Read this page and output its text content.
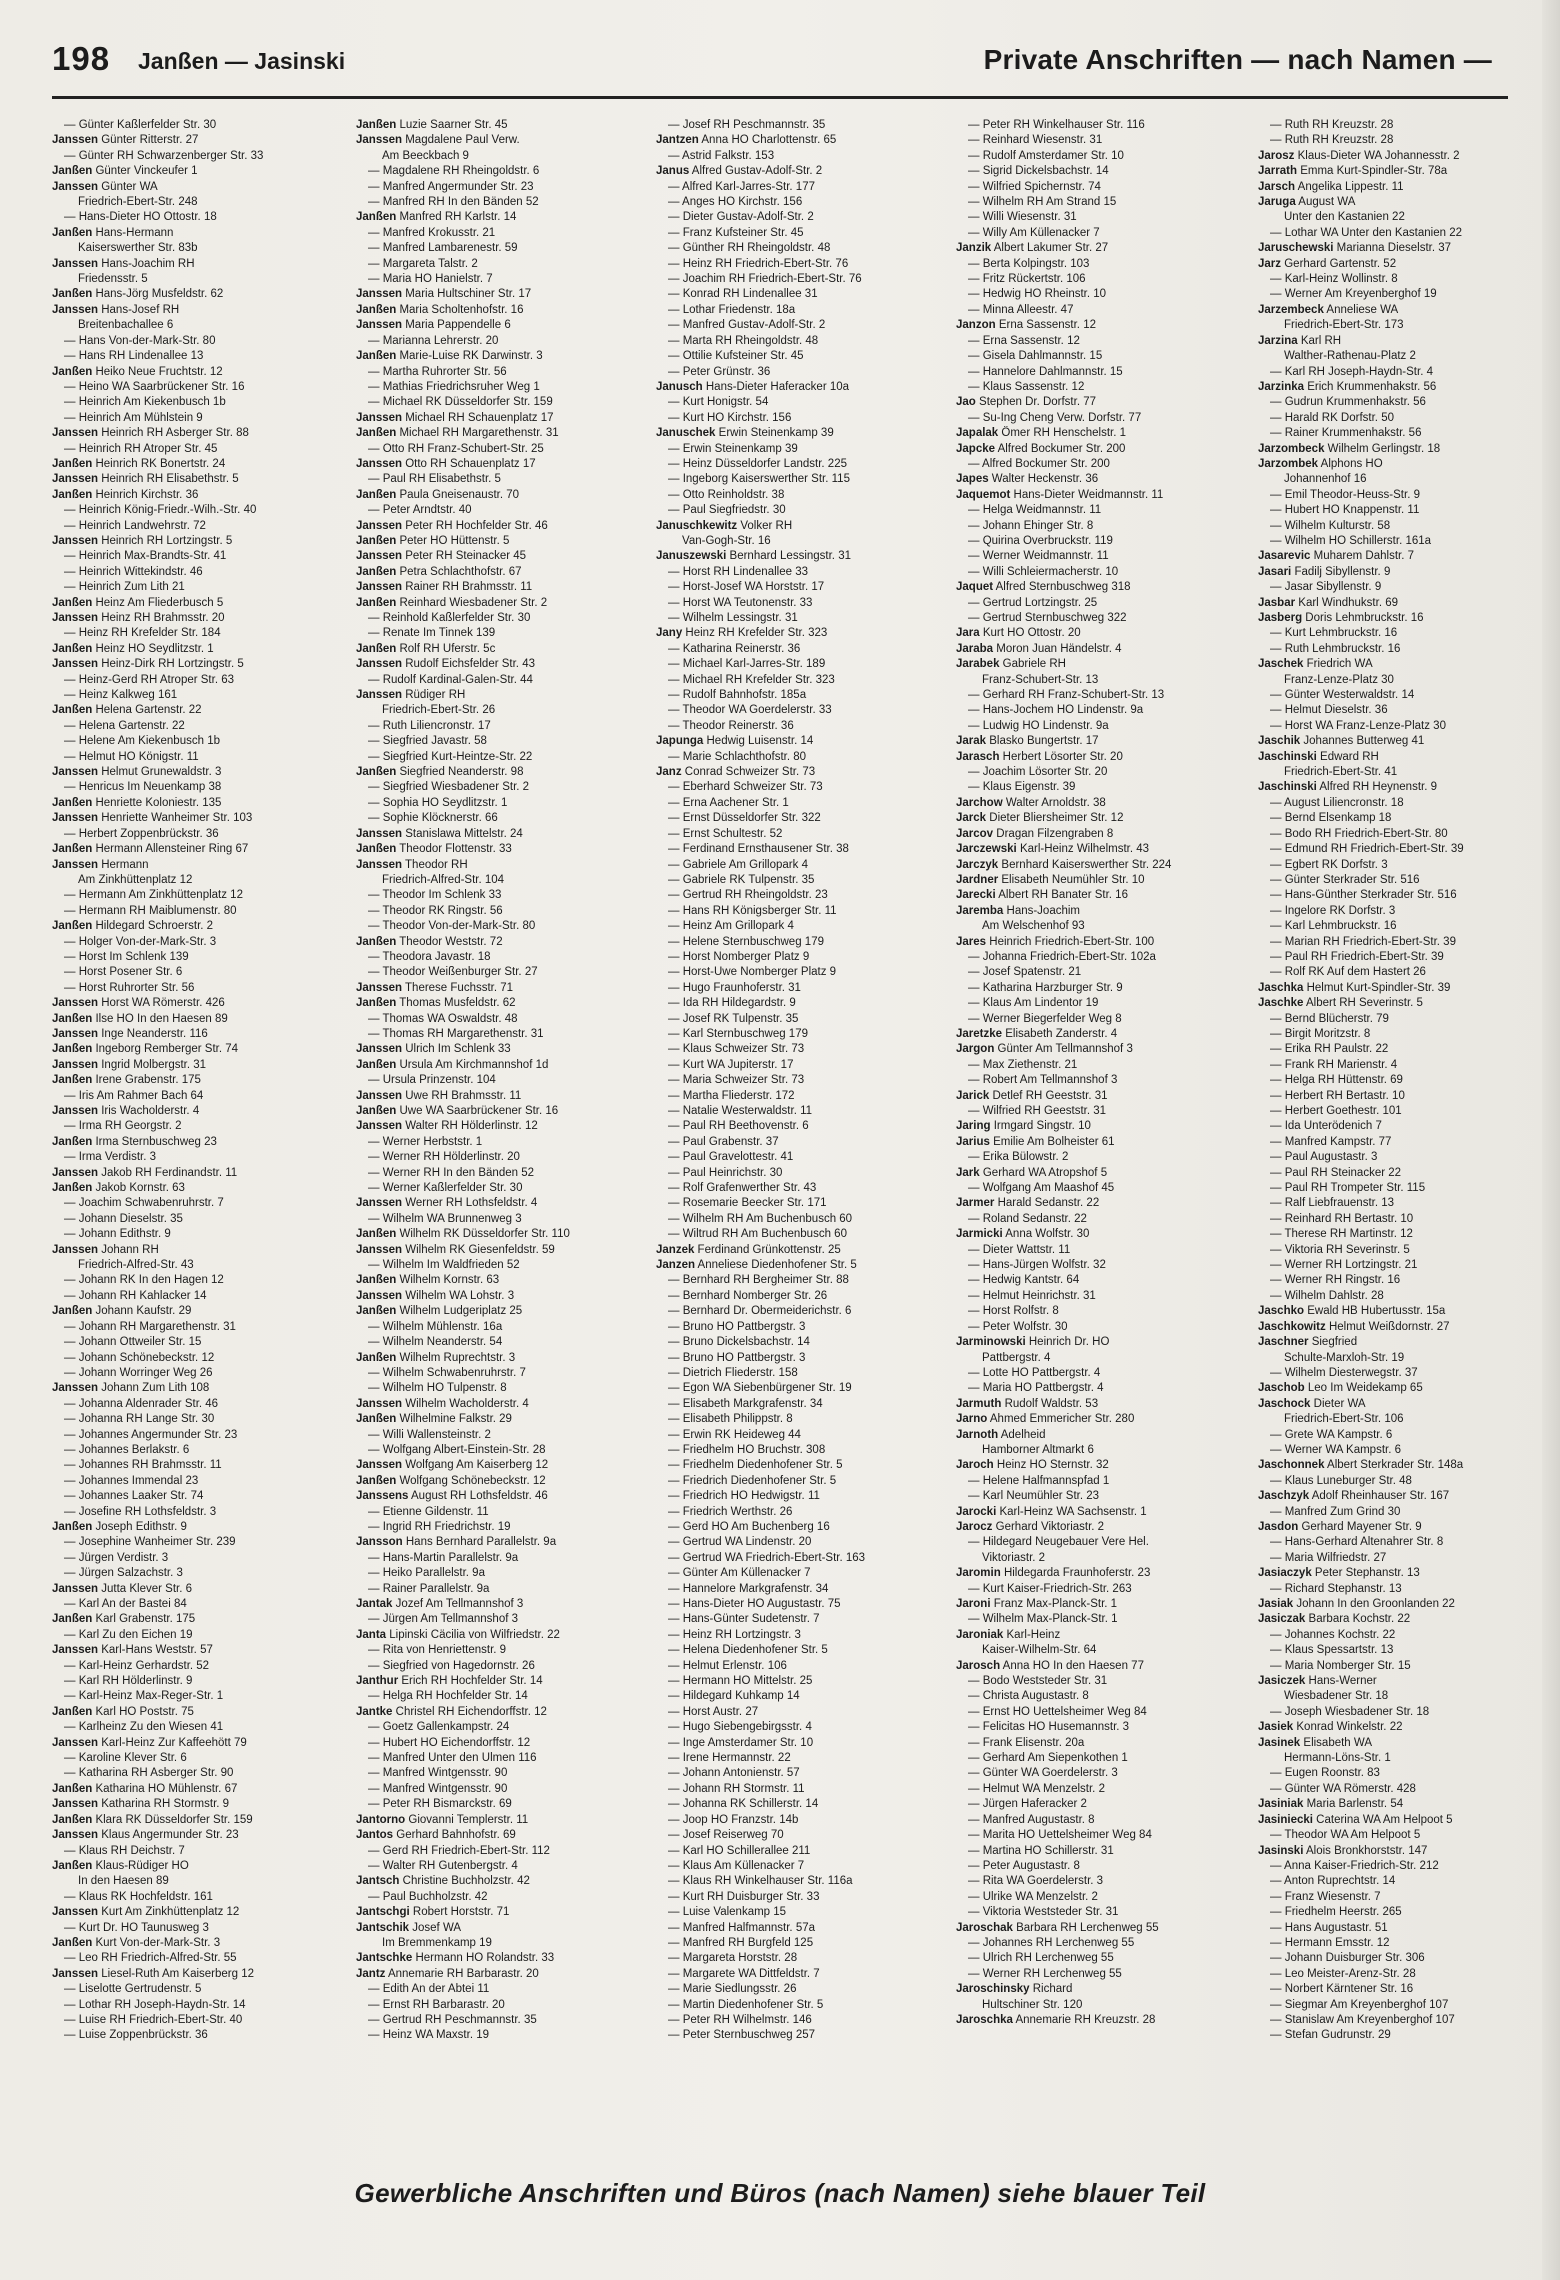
198 Janßen — Jasinski	Private Anschriften — nach Namen —
— Günter Kaßlerfelder Str. 30
Janssen Günter Ritterstr. 27
— Günter RH Schwarzenberger Str. 33
Janßen Günter Vinckeufer 1
Janssen Günter WA
Friedrich-Ebert-Str. 248
— Hans-Dieter HO Ottostr. 18
Janßen Hans-Hermann
Kaiserswerther Str. 83b
Janssen Hans-Joachim RH
Friedensstr. 5
Janßen Hans-Jörg Musfeldstr. 62
Janssen Hans-Josef RH
Breitenbachallee 6
— Hans Von-der-Mark-Str. 80
— Hans RH Lindenallee 13
Janßen Heiko Neue Fruchtstr. 12
— Heino WA Saarbrückener Str. 16
— Heinrich Am Kiekenbusch 1b
— Heinrich Am Mühlstein 9
Janssen Heinrich RH Asberger Str. 88
— Heinrich RH Atroper Str. 45
Janßen Heinrich RK Bonertstr. 24
Janssen Heinrich RH Elisabethstr. 5
Janßen Heinrich Kirchstr. 36
— Heinrich König-Friedr.-Wilh.-Str. 40
— Heinrich Landwehrstr. 72
Janssen Heinrich RH Lortzingstr. 5
— Heinrich Max-Brandts-Str. 41
— Heinrich Wittekindstr. 46
— Heinrich Zum Lith 21
Janßen Heinz Am Fliederbusch 5
Janssen Heinz RH Brahmsstr. 20
— Heinz RH Krefelder Str. 184
Janßen Heinz HO Seydlitzstr. 1
Janssen Heinz-Dirk RH Lortzingstr. 5
— Heinz-Gerd RH Atroper Str. 63
— Heinz Kalkweg 161
Janßen Helena Gartenstr. 22
— Helena Gartenstr. 22
— Helene Am Kiekenbusch 1b
— Helmut HO Königstr. 11
Janssen Helmut Grunewaldstr. 3
— Henricus Im Neuenkamp 38
Janßen Henriette Koloniestr. 135
Janssen Henriette Wanheimer Str. 103
— Herbert Zoppenbrückstr. 36
Janßen Hermann Allensteiner Ring 67
Janssen Hermann
Am Zinkhüttenplatz 12
— Hermann Am Zinkhüttenplatz 12
— Hermann RH Maiblumenstr. 80
Janßen Hildegard Schroerstr. 2
— Holger Von-der-Mark-Str. 3
— Horst Im Schlenk 139
— Horst Posener Str. 6
— Horst Ruhrorter Str. 56
Janssen Horst WA Römerstr. 426
Janßen Ilse HO In den Haesen 89
Janssen Inge Neanderstr. 116
Janßen Ingeborg Remberger Str. 74
Janssen Ingrid Molbergstr. 31
Janßen Irene Grabenstr. 175
— Iris Am Rahmer Bach 64
Janssen Iris Wacholderstr. 4
— Irma RH Georgstr. 2
Janßen Irma Sternbuschweg 23
— Irma Verdistr. 3
Janssen Jakob RH Ferdinandstr. 11
Janßen Jakob Kornstr. 63
— Joachim Schwabenruhrstr. 7
— Johann Dieselstr. 35
— Johann Edithstr. 9
Janssen Johann RH
Friedrich-Alfred-Str. 43
— Johann RK In den Hagen 12
— Johann RH Kahlacker 14
Janßen Johann Kaufstr. 29
— Johann RH Margarethenstr. 31
— Johann Ottweiler Str. 15
— Johann Schönebeckstr. 12
— Johann Worringer Weg 26
Janssen Johann Zum Lith 108
— Johanna Aldenrader Str. 46
— Johanna RH Lange Str. 30
— Johannes Angermunder Str. 23
— Johannes Berlakstr. 6
— Johannes RH Brahmsstr. 11
— Johannes Immendal 23
— Johannes Laaker Str. 74
— Josefine RH Lothsfeldstr. 3
Janßen Joseph Edithstr. 9
— Josephine Wanheimer Str. 239
— Jürgen Verdistr. 3
— Jürgen Salzachstr. 3
Janssen Jutta Klever Str. 6
— Karl An der Bastei 84
Janßen Karl Grabenstr. 175
— Karl Zu den Eichen 19
Janssen Karl-Hans Weststr. 57
— Karl-Heinz Gerhardstr. 52
— Karl RH Hölderlinstr. 9
— Karl-Heinz Max-Reger-Str. 1
Janßen Karl HO Poststr. 75
— Karlheinz Zu den Wiesen 41
Janssen Karl-Heinz Zur Kaffeehött 79
— Karoline Klever Str. 6
— Katharina RH Asberger Str. 90
Janßen Katharina HO Mühlenstr. 67
Janssen Katharina RH Stormstr. 9
Janßen Klara RK Düsseldorfer Str. 159
Janssen Klaus Angermunder Str. 23
— Klaus RH Deichstr. 7
Janßen Klaus-Rüdiger HO
In den Haesen 89
— Klaus RK Hochfeldstr. 161
Janssen Kurt Am Zinkhüttenplatz 12
— Kurt Dr. HO Taunusweg 3
Janßen Kurt Von-der-Mark-Str. 3
— Leo RH Friedrich-Alfred-Str. 55
Janssen Liesel-Ruth Am Kaiserberg 12
— Liselotte Gertrudenstr. 5
— Lothar RH Joseph-Haydn-Str. 14
— Luise RH Friedrich-Ebert-Str. 40
— Luise Zoppenbrückstr. 36
Janßen Luzie Saarner Str. 45
Janssen Magdalene Paul Verw.
Am Beeckbach 9
— Magdalene RH Rheingoldstr. 6
— Manfred Angermunder Str. 23
— Manfred RH In den Bänden 52
Janßen Manfred RH Karlstr. 14
— Manfred Krokusstr. 21
— Manfred Lambarenestr. 59
— Margareta Talstr. 2
— Maria HO Hanielstr. 7
Janssen Maria Hultschiner Str. 17
Janßen Maria Scholtenhofstr. 16
Janssen Maria Pappendelle 6
— Marianna Lehrerstr. 20
Janßen Marie-Luise RK Darwinstr. 3
— Martha Ruhrorter Str. 56
— Mathias Friedrichsruher Weg 1
— Michael RK Düsseldorfer Str. 159
Janssen Michael RH Schauenplatz 17
Janßen Michael RH Margarethenstr. 31
— Otto RH Franz-Schubert-Str. 25
Janssen Otto RH Schauenplatz 17
— Paul RH Elisabethstr. 5
Janßen Paula Gneisenaustr. 70
— Peter Arndtstr. 40
Janssen Peter RH Hochfelder Str. 46
Janßen Peter HO Hüttenstr. 5
Janssen Peter RH Steinacker 45
Janßen Petra Schlachthofstr. 67
Janssen Rainer RH Brahmsstr. 11
Janßen Reinhard Wiesbadener Str. 2
— Reinhold Kaßlerfelder Str. 30
— Renate Im Tinnek 139
Janßen Rolf RH Uferstr. 5c
Janssen Rudolf Eichsfelder Str. 43
— Rudolf Kardinal-Galen-Str. 44
Janssen Rüdiger RH
Friedrich-Ebert-Str. 26
— Ruth Liliencronstr. 17
— Siegfried Javastr. 58
— Siegfried Kurt-Heintze-Str. 22
Janßen Siegfried Neanderstr. 98
— Siegfried Wiesbadener Str. 2
— Sophia HO Seydlitzstr. 1
— Sophie Klöcknerstr. 66
Janssen Stanislawa Mittelstr. 24
Janßen Theodor Flottenstr. 33
Janssen Theodor RH
Friedrich-Alfred-Str. 104
— Theodor Im Schlenk 33
— Theodor RK Ringstr. 56
— Theodor Von-der-Mark-Str. 80
Janßen Theodor Weststr. 72
— Theodora Javastr. 18
— Theodor Weißenburger Str. 27
Janssen Therese Fuchsstr. 71
Janßen Thomas Musfeldstr. 62
— Thomas WA Oswaldstr. 48
— Thomas RH Margarethenstr. 31
Janssen Ulrich Im Schlenk 33
Janßen Ursula Am Kirchmannshof 1d
— Ursula Prinzenstr. 104
Janssen Uwe RH Brahmsstr. 11
Janßen Uwe WA Saarbrückener Str. 16
Janssen Walter RH Hölderlinstr. 12
— Werner Herbststr. 1
— Werner RH Hölderlinstr. 20
— Werner RH In den Bänden 52
— Werner Kaßlerfelder Str. 30
Janssen Werner RH Lothsfeldstr. 4
— Wilhelm WA Brunnenweg 3
Janßen Wilhelm RK Düsseldorfer Str. 110
Janssen Wilhelm RK Giesenfeldstr. 59
— Wilhelm Im Waldfrieden 52
Janßen Wilhelm Kornstr. 63
Janssen Wilhelm WA Lohstr. 3
Janßen Wilhelm Ludgeriplatz 25
— Wilhelm Mühlenstr. 16a
— Wilhelm Neanderstr. 54
Janßen Wilhelm Ruprechtstr. 3
— Wilhelm Schwabenruhrstr. 7
— Wilhelm HO Tulpenstr. 8
Janssen Wilhelm Wacholderstr. 4
Janßen Wilhelmine Falkstr. 29
— Willi Wallensteinstr. 2
— Wolfgang Albert-Einstein-Str. 28
Janssen Wolfgang Am Kaiserberg 12
Janßen Wolfgang Schönebeckstr. 12
Janssens August RH Lothsfeldstr. 46
— Etienne Gildenstr. 11
— Ingrid RH Friedrichstr. 19
Jansson Hans Bernhard Parallelstr. 9a
— Hans-Martin Parallelstr. 9a
— Heiko Parallelstr. 9a
— Rainer Parallelstr. 9a
Jantak Jozef Am Tellmannshof 3
— Jürgen Am Tellmannshof 3
Janta Lipinski Cäcilia von Wilfriedstr. 22
— Rita von Henriettenstr. 9
— Siegfried von Hagedornstr. 26
Janthur Erich RH Hochfelder Str. 14
— Helga RH Hochfelder Str. 14
Jantke Christel RH Eichendorffstr. 12
— Goetz Gallenkampstr. 24
— Hubert HO Eichendorffstr. 12
— Manfred Unter den Ulmen 116
— Manfred Wintgensstr. 90
— Manfred Wintgensstr. 90
— Peter RH Bismarckstr. 69
Jantorno Giovanni Templerstr. 11
Jantos Gerhard Bahnhofstr. 69
— Gerd RH Friedrich-Ebert-Str. 112
— Walter RH Gutenbergstr. 4
Jantsch Christine Buchholzstr. 42
— Paul Buchholzstr. 42
Jantschgi Robert Horststr. 71
Jantschik Josef WA
Im Bremmenkamp 19
Jantschke Hermann HO Rolandstr. 33
Jantz Annemarie RH Barbarastr. 20
— Edith An der Abtei 11
— Ernst RH Barbarastr. 20
— Gertrud RH Peschmannstr. 35
— Heinz WA Maxstr. 19
— Josef RH Peschmannstr. 35
Jantzen Anna HO Charlottenstr. 65
— Astrid Falkstr. 153
Janus Alfred Gustav-Adolf-Str. 2
— Alfred Karl-Jarres-Str. 177
— Anges HO Kirchstr. 156
— Dieter Gustav-Adolf-Str. 2
— Franz Kufsteiner Str. 45
— Günther RH Rheingoldstr. 48
— Heinz RH Friedrich-Ebert-Str. 76
— Joachim RH Friedrich-Ebert-Str. 76
— Konrad RH Lindenallee 31
— Lothar Friedenstr. 18a
— Manfred Gustav-Adolf-Str. 2
— Marta RH Rheingoldstr. 48
— Ottilie Kufsteiner Str. 45
— Peter Grünstr. 36
Janusch Hans-Dieter Haferacker 10a
— Kurt Honigstr. 54
— Kurt HO Kirchstr. 156
Januschek Erwin Steinenkamp 39
— Erwin Steinenkamp 39
— Heinz Düsseldorfer Landstr. 225
— Ingeborg Kaiserswerther Str. 115
— Otto Reinholdstr. 38
— Paul Siegfriedstr. 30
Januschkewitz Volker RH
Van-Gogh-Str. 16
Januszewski Bernhard Lessingstr. 31
— Horst RH Lindenallee 33
— Horst-Josef WA Horststr. 17
— Horst WA Teutonenstr. 33
— Wilhelm Lessingstr. 31
Jany Heinz RH Krefelder Str. 323
— Katharina Reinerstr. 36
— Michael Karl-Jarres-Str. 189
— Michael RH Krefelder Str. 323
— Rudolf Bahnhofstr. 185a
— Theodor WA Goerdelerstr. 33
— Theodor Reinerstr. 36
Japunga Hedwig Luisenstr. 14
— Marie Schlachthofstr. 80
Janz Conrad Schweizer Str. 73
— Eberhard Schweizer Str. 73
— Erna Aachener Str. 1
— Ernst Düsseldorfer Str. 322
— Ernst Schultestr. 52
— Ferdinand Ernsthausener Str. 38
— Gabriele Am Grillopark 4
— Gabriele RK Tulpenstr. 35
— Gertrud RH Rheingoldstr. 23
— Hans RH Königsberger Str. 11
— Heinz Am Grillopark 4
— Helene Sternbuschweg 179
— Horst Nomberger Platz 9
— Horst-Uwe Nomberger Platz 9
— Hugo Fraunhoferstr. 31
— Ida RH Hildegardstr. 9
— Josef RK Tulpenstr. 35
— Karl Sternbuschweg 179
— Klaus Schweizer Str. 73
— Kurt WA Jupiterstr. 17
— Maria Schweizer Str. 73
— Martha Fliederstr. 172
— Natalie Westerwaldstr. 11
— Paul RH Beethovenstr. 6
— Paul Grabenstr. 37
— Paul Gravelottestr. 41
— Paul Heinrichstr. 30
— Rolf Grafenwerther Str. 43
— Rosemarie Beecker Str. 171
— Wilhelm RH Am Buchenbusch 60
— Wiltrud RH Am Buchenbusch 60
Janzek Ferdinand Grünkottenstr. 25
Janzen Anneliese Diedenhofener Str. 5
— Bernhard RH Bergheimer Str. 88
— Bernhard Nomberger Str. 26
— Bernhard Dr. Obermeiderichstr. 6
— Bruno HO Pattbergstr. 3
— Bruno Dickelsbachstr. 14
— Bruno HO Pattbergstr. 3
— Dietrich Fliederstr. 158
— Egon WA Siebenbürgener Str. 19
— Elisabeth Markgrafenstr. 34
— Elisabeth Philippstr. 8
— Erwin RK Heideweg 44
— Friedhelm HO Bruchstr. 308
— Friedhelm Diedenhofener Str. 5
— Friedrich Diedenhofener Str. 5
— Friedrich HO Hedwigstr. 11
— Friedrich Werthstr. 26
— Gerd HO Am Buchenberg 16
— Gertrud WA Lindenstr. 20
— Gertrud WA Friedrich-Ebert-Str. 163
— Günter Am Küllenacker 7
— Hannelore Markgrafenstr. 34
— Hans-Dieter HO Augustastr. 75
— Hans-Günter Sudetenstr. 7
— Heinz RH Lortzingstr. 3
— Helena Diedenhofener Str. 5
— Helmut Erlenstr. 106
— Hermann HO Mittelstr. 25
— Hildegard Kuhkamp 14
— Horst Austr. 27
— Hugo Siebengebirgsstr. 4
— Inge Amsterdamer Str. 10
— Irene Hermannstr. 22
— Johann Antonienstr. 57
— Johann RH Stormstr. 11
— Johanna RK Schillerstr. 14
— Joop HO Franzstr. 14b
— Josef Reiserweg 70
— Karl HO Schillerallee 211
— Klaus Am Küllenacker 7
— Klaus RH Winkelhauser Str. 116a
— Kurt RH Duisburger Str. 33
— Luise Valenkamp 15
— Manfred Halfmannstr. 57a
— Manfred RH Burgfeld 125
— Margareta Horststr. 28
— Margarete WA Dittfeldstr. 7
— Marie Siedlungsstr. 26
— Martin Diedenhofener Str. 5
— Peter RH Wilhelmstr. 146
— Peter Sternbuschweg 257
— Peter RH Winkelhauser Str. 116
— Reinhard Wiesenstr. 31
— Rudolf Amsterdamer Str. 10
— Sigrid Dickelsbachstr. 14
— Wilfried Spichernstr. 74
— Wilhelm RH Am Strand 15
— Willi Wiesenstr. 31
— Willy Am Küllenacker 7
Janzik Albert Lakumer Str. 27
— Berta Kolpingstr. 103
— Fritz Rückertstr. 106
— Hedwig HO Rheinstr. 10
— Minna Alleestr. 47
Janzon Erna Sassenstr. 12
— Erna Sassenstr. 12
— Gisela Dahlmannstr. 15
— Hannelore Dahlmannstr. 15
— Klaus Sassenstr. 12
Jao Stephen Dr. Dorfstr. 77
— Su-Ing Cheng Verw. Dorfstr. 77
Japalak Ömer RH Henschelstr. 1
Japcke Alfred Bockumer Str. 200
— Alfred Bockumer Str. 200
Japes Walter Heckenstr. 36
Jaquemot Hans-Dieter Weidmannstr. 11
— Helga Weidmannstr. 11
— Johann Ehinger Str. 8
— Quirina Overbruckstr. 119
— Werner Weidmannstr. 11
— Willi Schleiermacherstr. 10
Jaquet Alfred Sternbuschweg 318
— Gertrud Lortzingstr. 25
— Gertrud Sternbuschweg 322
Jara Kurt HO Ottostr. 20
Jaraba Moron Juan Händelstr. 4
Jarabek Gabriele RH
Franz-Schubert-Str. 13
— Gerhard RH Franz-Schubert-Str. 13
— Hans-Jochem HO Lindenstr. 9a
— Ludwig HO Lindenstr. 9a
Jarak Blasko Bungertstr. 17
Jarasch Herbert Lösorter Str. 20
— Joachim Lösorter Str. 20
— Klaus Eigenstr. 39
Jarchow Walter Arnoldstr. 38
Jarck Dieter Bliersheimer Str. 12
Jarcov Dragan Filzengraben 8
Jarczewski Karl-Heinz Wilhelmstr. 43
Jarczyk Bernhard Kaiserswerther Str. 224
Jardner Elisabeth Neumühler Str. 10
Jarecki Albert RH Banater Str. 16
Jaremba Hans-Joachim
Am Welschenhof 93
Jares Heinrich Friedrich-Ebert-Str. 100
— Johanna Friedrich-Ebert-Str. 102a
— Josef Spatenstr. 21
— Katharina Harzburger Str. 9
— Klaus Am Lindentor 19
— Werner Biegerfelder Weg 8
Jaretzke Elisabeth Zanderstr. 4
Jargon Günter Am Tellmannshof 3
— Max Ziethenstr. 21
— Robert Am Tellmannshof 3
Jarick Detlef RH Geeststr. 31
— Wilfried RH Geeststr. 31
Jaring Irmgard Singstr. 10
Jarius Emilie Am Bolheister 61
— Erika Bülowstr. 2
Jark Gerhard WA Atropshof 5
— Wolfgang Am Maashof 45
Jarmer Harald Sedanstr. 22
— Roland Sedanstr. 22
Jarmicki Anna Wolfstr. 30
— Dieter Wattstr. 11
— Hans-Jürgen Wolfstr. 32
— Hedwig Kantstr. 64
— Helmut Heinrichstr. 31
— Horst Rolfstr. 8
— Peter Wolfstr. 30
Jarminowski Heinrich Dr. HO
Pattbergstr. 4
— Lotte HO Pattbergstr. 4
— Maria HO Pattbergstr. 4
Jarmuth Rudolf Waldstr. 53
Jarno Ahmed Emmericher Str. 280
Jarnoth Adelheid
Hamborner Altmarkt 6
Jaroch Heinz HO Sternstr. 32
— Helene Halfmannspfad 1
— Karl Neumühler Str. 23
Jarocki Karl-Heinz WA Sachsenstr. 1
Jarocz Gerhard Viktoriastr. 2
— Hildegard Neugebauer Vere Hel.
Viktoriastr. 2
Jaromin Hildegarda Fraunhoferstr. 23
— Kurt Kaiser-Friedrich-Str. 263
Jaroni Franz Max-Planck-Str. 1
— Wilhelm Max-Planck-Str. 1
Jaroniak Karl-Heinz
Kaiser-Wilhelm-Str. 64
Jarosch Anna HO In den Haesen 77
— Bodo Weststeder Str. 31
— Christa Augustastr. 8
— Ernst HO Uettelsheimer Weg 84
— Felicitas HO Husemannstr. 3
— Frank Elisenstr. 20a
— Gerhard Am Siepenkothen 1
— Günter WA Goerdelerstr. 3
— Helmut WA Menzelstr. 2
— Jürgen Haferacker 2
— Manfred Augustastr. 8
— Marita HO Uettelsheimer Weg 84
— Martina HO Schillerstr. 31
— Peter Augustastr. 8
— Rita WA Goerdelerstr. 3
— Ulrike WA Menzelstr. 2
— Viktoria Weststeder Str. 31
Jaroschak Barbara RH Lerchenweg 55
— Johannes RH Lerchenweg 55
— Ulrich RH Lerchenweg 55
— Werner RH Lerchenweg 55
Jaroschinsky Richard
Hultschiner Str. 120
Jaroschka Annemarie RH Kreuzstr. 28
— Ruth RH Kreuzstr. 28
— Ruth RH Kreuzstr. 28
Jarosz Klaus-Dieter WA Johannesstr. 2
Jarrath Emma Kurt-Spindler-Str. 78a
Jarsch Angelika Lippestr. 11
Jaruga August WA
Unter den Kastanien 22
— Lothar WA Unter den Kastanien 22
Jaruschewski Marianna Dieselstr. 37
Jarz Gerhard Gartenstr. 52
— Karl-Heinz Wollinstr. 8
— Werner Am Kreyenberghof 19
Jarzembeck Anneliese WA
Friedrich-Ebert-Str. 173
Jarzina Karl RH
Walther-Rathenau-Platz 2
— Karl RH Joseph-Haydn-Str. 4
Jarzinka Erich Krummenhakstr. 56
— Gudrun Krummenhakstr. 56
— Harald RK Dorfstr. 50
— Rainer Krummenhakstr. 56
Jarzombeck Wilhelm Gerlingstr. 18
Jarzombek Alphons HO
Johannenhof 16
— Emil Theodor-Heuss-Str. 9
— Hubert HO Knappenstr. 11
— Wilhelm Kulturstr. 58
— Wilhelm HO Schillerstr. 161a
Jasarevic Muharem Dahlstr. 7
Jasari Fadilj Sibyllenstr. 9
— Jasar Sibyllenstr. 9
Jasbar Karl Windhukstr. 69
Jasberg Doris Lehmbruckstr. 16
— Kurt Lehmbruckstr. 16
— Ruth Lehmbruckstr. 16
Jaschek Friedrich WA
Franz-Lenze-Platz 30
— Günter Westerwaldstr. 14
— Helmut Dieselstr. 36
— Horst WA Franz-Lenze-Platz 30
Jaschik Johannes Butterweg 41
Jaschinski Edward RH
Friedrich-Ebert-Str. 41
Jaschinski Alfred RH Heynenstr. 9
— August Liliencronstr. 18
— Bernd Elsenkamp 18
— Bodo RH Friedrich-Ebert-Str. 80
— Edmund RH Friedrich-Ebert-Str. 39
— Egbert RK Dorfstr. 3
— Günter Sterkrader Str. 516
— Hans-Günther Sterkrader Str. 516
— Ingelore RK Dorfstr. 3
— Karl Lehmbruckstr. 16
— Marian RH Friedrich-Ebert-Str. 39
— Paul RH Friedrich-Ebert-Str. 39
— Rolf RK Auf dem Hastert 26
Jaschka Helmut Kurt-Spindler-Str. 39
Jaschke Albert RH Severinstr. 5
— Bernd Blücherstr. 79
— Birgit Moritzstr. 8
— Erika RH Paulstr. 22
— Frank RH Marienstr. 4
— Helga RH Hüttenstr. 69
— Herbert RH Bertastr. 10
— Herbert Goethestr. 101
— Ida Unterödenich 7
— Manfred Kampstr. 77
— Paul Augustastr. 3
— Paul RH Steinacker 22
— Paul RH Trompeter Str. 115
— Ralf Liebfrauenstr. 13
— Reinhard RH Bertastr. 10
— Therese RH Martinstr. 12
— Viktoria RH Severinstr. 5
— Werner RH Lortzingstr. 21
— Werner RH Ringstr. 16
— Wilhelm Dahlstr. 28
Jaschko Ewald HB Hubertusstr. 15a
Jaschkowitz Helmut Weißdornstr. 27
Jaschner Siegfried
Schulte-Marxloh-Str. 19
— Wilhelm Diesterwegstr. 37
Jaschob Leo Im Weidekamp 65
Jaschock Dieter WA
Friedrich-Ebert-Str. 106
— Grete WA Kampstr. 6
— Werner WA Kampstr. 6
Jaschonnek Albert Sterkrader Str. 148a
— Klaus Luneburger Str. 48
Jaschzyk Adolf Rheinhauser Str. 167
— Manfred Zum Grind 30
Jasdon Gerhard Mayener Str. 9
— Hans-Gerhard Altenahrer Str. 8
— Maria Wilfriedstr. 27
Jasiaczyk Peter Stephanstr. 13
— Richard Stephanstr. 13
Jasiak Johann In den Groonlanden 22
Jasiczak Barbara Kochstr. 22
— Johannes Kochstr. 22
— Klaus Spessartstr. 13
— Maria Nomberger Str. 15
Jasiczek Hans-Werner
Wiesbadener Str. 18
— Joseph Wiesbadener Str. 18
Jasiek Konrad Winkelstr. 22
Jasinek Elisabeth WA
Hermann-Löns-Str. 1
— Eugen Roonstr. 83
— Günter WA Römerstr. 428
Jasiniak Maria Barlenstr. 54
Jasiniecki Caterina WA Am Helpoot 5
— Theodor WA Am Helpoot 5
Jasinski Alois Bronkhorststr. 147
— Anna Kaiser-Friedrich-Str. 212
— Anton Ruprechtstr. 14
— Franz Wiesenstr. 7
— Friedhelm Heerstr. 265
— Hans Augustastr. 51
— Hermann Emsstr. 12
— Johann Duisburger Str. 306
— Leo Meister-Arenz-Str. 28
— Norbert Kärntener Str. 16
— Siegmar Am Kreyenberghof 107
— Stanislaw Am Kreyenberghof 107
— Stefan Gudrunstr. 29
Gewerbliche Anschriften und Büros (nach Namen) siehe blauer Teil
